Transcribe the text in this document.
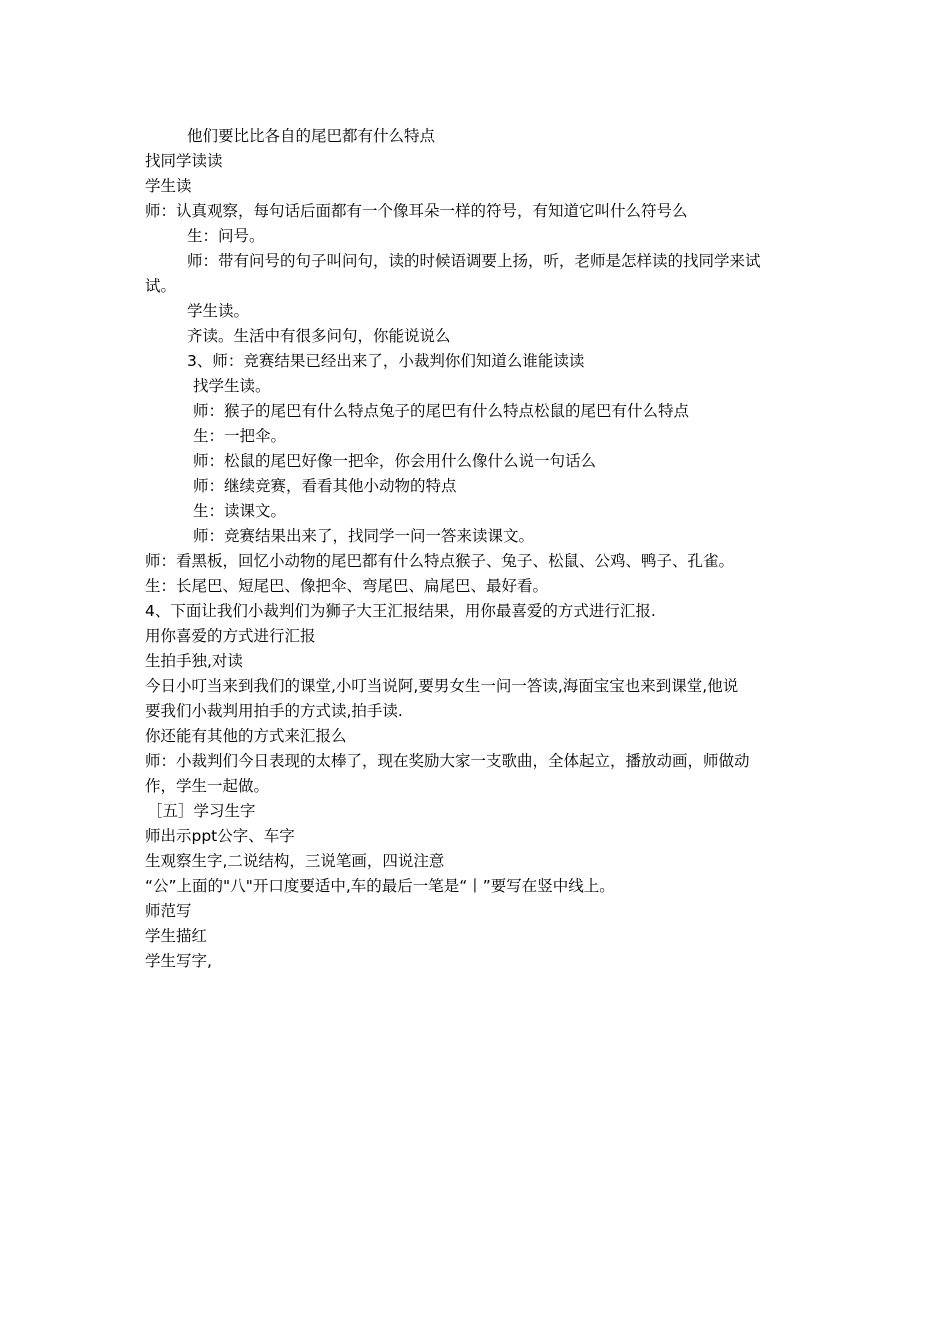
他们要比比各自的尾巴都有什么特点
找同学读读
学生读
师：认真观察，每句话后面都有一个像耳朵一样的符号，有知道它叫什么符号么
生：问号。
师：带有问号的句子叫问句，读的时候语调要上扬，听，老师是怎样读的找同学来试
试。
学生读。
齐读。生活中有很多问句，你能说说么
3、师：竞赛结果已经出来了，小裁判你们知道么谁能读读
找学生读。
师：猴子的尾巴有什么特点兔子的尾巴有什么特点松鼠的尾巴有什么特点
生：一把伞。
师：松鼠的尾巴好像一把伞，你会用什么像什么说一句话么
师：继续竞赛，看看其他小动物的特点
生：读课文。
师：竞赛结果出来了，找同学一问一答来读课文。
师：看黑板，回忆小动物的尾巴都有什么特点猴子、兔子、松鼠、公鸡、鸭子、孔雀。
生：长尾巴、短尾巴、像把伞、弯尾巴、扁尾巴、最好看。
4、下面让我们小裁判们为狮子大王汇报结果，用你最喜爱的方式进行汇报.
用你喜爱的方式进行汇报
生拍手独,对读
今日小叮当来到我们的课堂,小叮当说阿,要男女生一问一答读,海面宝宝也来到课堂,他说
要我们小裁判用拍手的方式读,拍手读.
你还能有其他的方式来汇报么
师：小裁判们今日表现的太棒了，现在奖励大家一支歌曲，全体起立，播放动画，师做动
作，学生一起做。
［五］学习生字
师出示ppt公字、车字
生观察生字,二说结构，三说笔画，四说注意
“公”上面的"八"开口度要适中,车的最后一笔是“丨”要写在竖中线上。
师范写
学生描红
学生写字,
